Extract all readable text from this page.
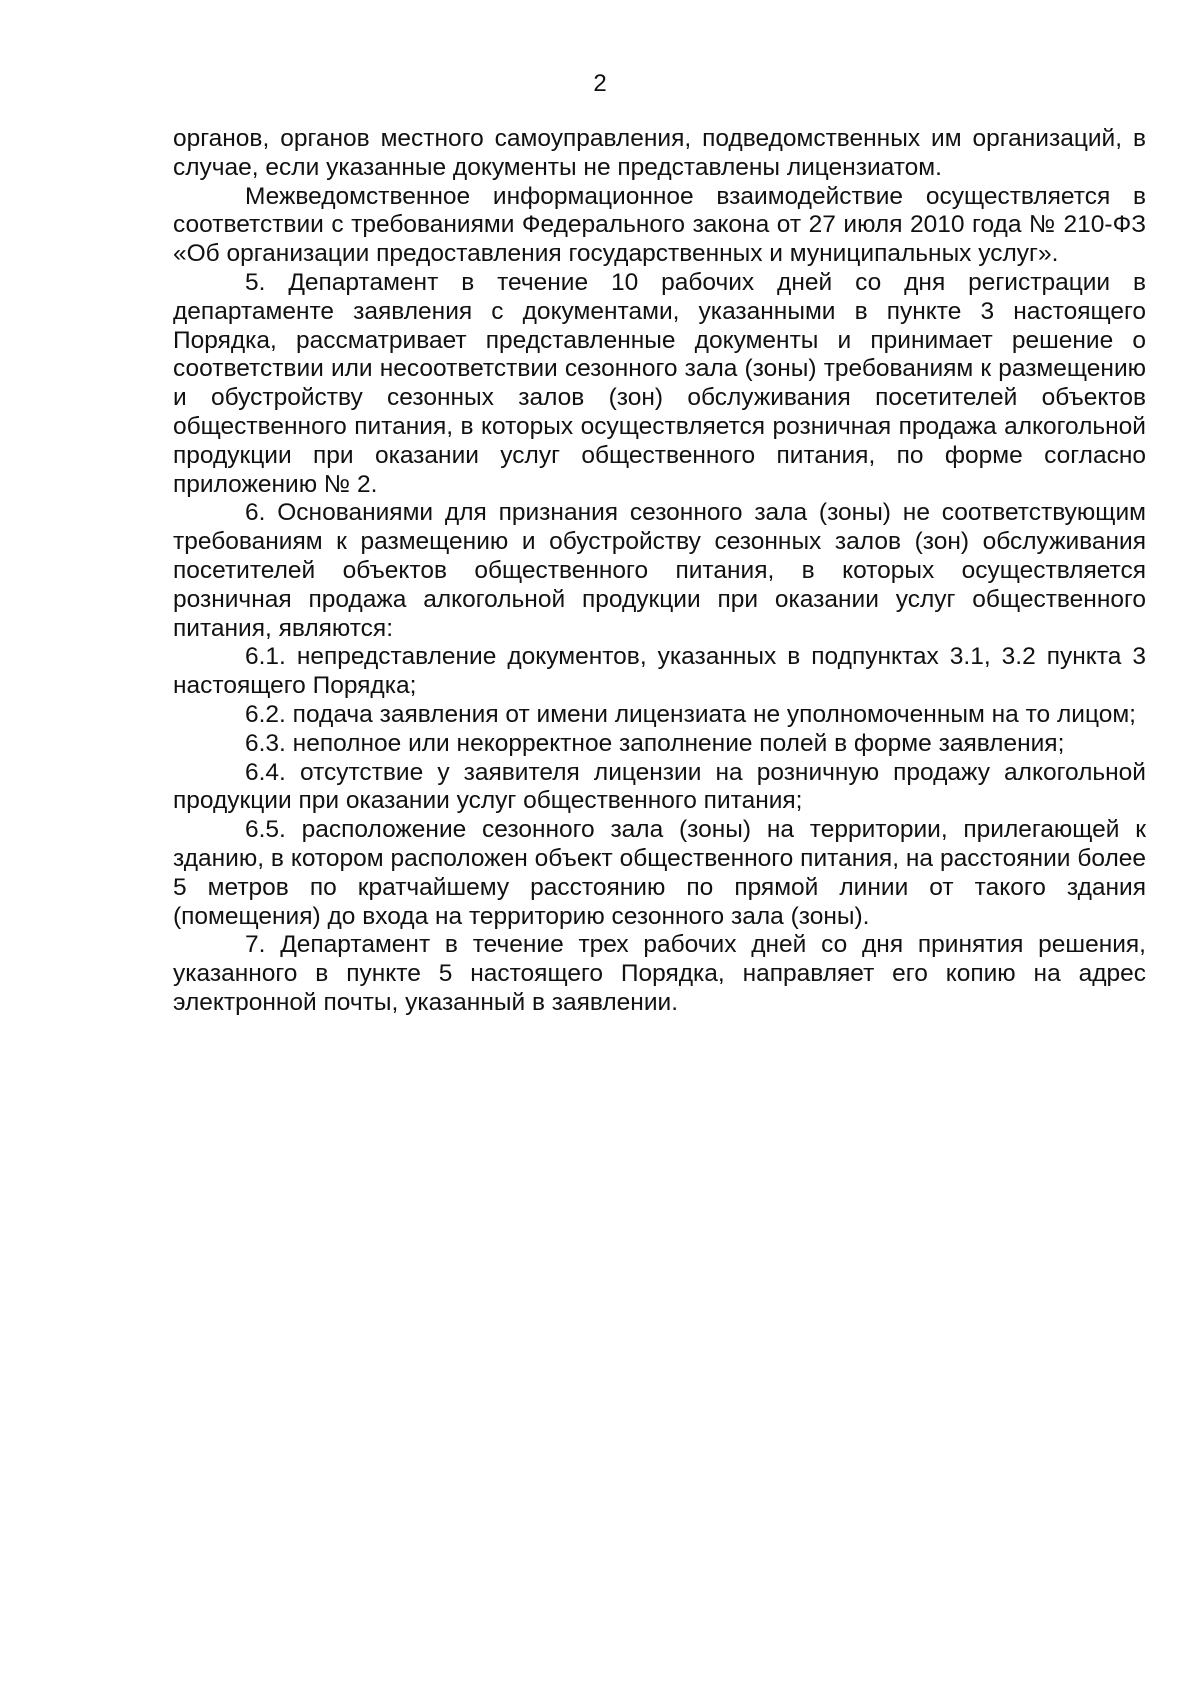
2

органов, органов местного самоуправления, подведомственных им организаций, в случае, если указанные документы не представлены лицензиатом.

Межведомственное информационное взаимодействие осуществляется в соответствии с требованиями Федерального закона от 27 июля 2010 года № 210-ФЗ «Об организации предоставления государственных и муниципальных услуг».

5. Департамент в течение 10 рабочих дней со дня регистрации в департаменте заявления с документами, указанными в пункте 3 настоящего Порядка, рассматривает представленные документы и принимает решение о соответствии или несоответствии сезонного зала (зоны) требованиям к размещению и обустройству сезонных залов (зон) обслуживания посетителей объектов общественного питания, в которых осуществляется розничная продажа алкогольной продукции при оказании услуг общественного питания, по форме согласно приложению № 2.

6. Основаниями для признания сезонного зала (зоны) не соответствующим требованиям к размещению и обустройству сезонных залов (зон) обслуживания посетителей объектов общественного питания, в которых осуществляется розничная продажа алкогольной продукции при оказании услуг общественного питания, являются:

6.1. непредставление документов, указанных в подпунктах 3.1, 3.2 пункта 3 настоящего Порядка;

6.2. подача заявления от имени лицензиата не уполномоченным на то лицом;

6.3. неполное или некорректное заполнение полей в форме заявления;

6.4. отсутствие у заявителя лицензии на розничную продажу алкогольной продукции при оказании услуг общественного питания;

6.5. расположение сезонного зала (зоны) на территории, прилегающей к зданию, в котором расположен объект общественного питания, на расстоянии более 5 метров по кратчайшему расстоянию по прямой линии от такого здания (помещения) до входа на территорию сезонного зала (зоны).

7. Департамент в течение трех рабочих дней со дня принятия решения, указанного в пункте 5 настоящего Порядка, направляет его копию на адрес электронной почты, указанный в заявлении.
